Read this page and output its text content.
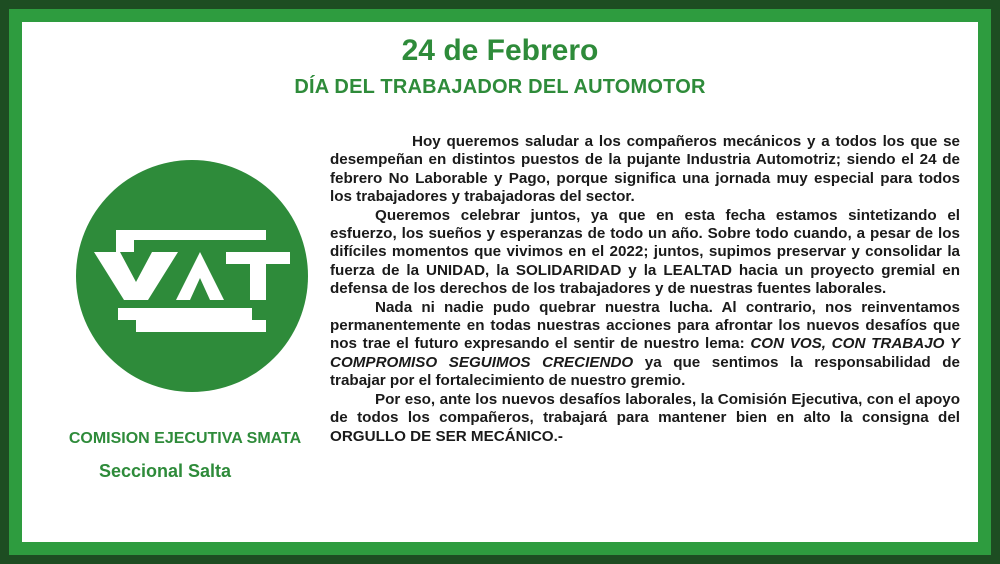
24 de Febrero
DÍA DEL TRABAJADOR DEL AUTOMOTOR
COMISION EJECUTIVA SMATA
Seccional Salta

Hoy queremos saludar a los compañeros mecánicos y a todos los que se desempeñan en distintos puestos de la pujante Industria Automotriz; siendo el 24 de febrero No Laborable y Pago, porque significa una jornada muy especial para todos los trabajadores y trabajadoras del sector.

Queremos celebrar juntos, ya que en esta fecha estamos sintetizando el esfuerzo, los sueños y esperanzas de todo un año. Sobre todo cuando, a pesar de los difíciles momentos que vivimos en el 2022; juntos, supimos preservar y consolidar la fuerza de la UNIDAD, la SOLIDARIDAD y la LEALTAD hacia un proyecto gremial en defensa de los derechos de los trabajadores y de nuestras fuentes laborales.

Nada ni nadie pudo quebrar nuestra lucha. Al contrario, nos reinventamos permanentemente en todas nuestras acciones para afrontar los nuevos desafíos que nos trae el futuro expresando el sentir de nuestro lema: CON VOS, CON TRABAJO Y COMPROMISO SEGUIMOS CRECIENDO ya que sentimos la responsabilidad de trabajar por el fortalecimiento de nuestro gremio.

Por eso, ante los nuevos desafíos laborales, la Comisión Ejecutiva, con el apoyo de todos los compañeros, trabajará para mantener bien en alto la consigna del ORGULLO DE SER MECÁNICO.-
